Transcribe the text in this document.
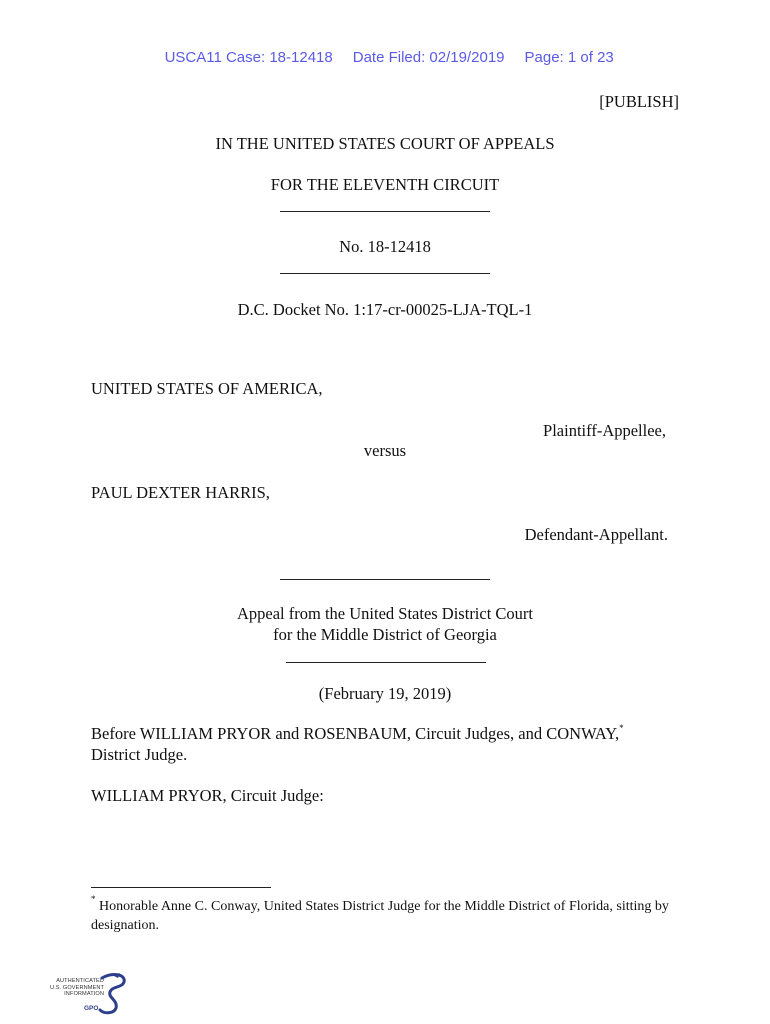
USCA11 Case: 18-12418 Date Filed: 02/19/2019 Page: 1 of 23

[PUBLISH]
IN THE UNITED STATES COURT OF APPEALS
FOR THE ELEVENTH CIRCUIT
No. 18-12418
D.C. Docket No. 1:17-cr-00025-LJA-TQL-1
UNITED STATES OF AMERICA,
Plaintiff-Appellee,
versus
PAUL DEXTER HARRIS,
Defendant-Appellant.
Appeal from the United States District Court
for the Middle District of Georgia
(February 19, 2019)
Before WILLIAM PRYOR and ROSENBAUM, Circuit Judges, and CONWAY,*
District Judge.
WILLIAM PRYOR, Circuit Judge:
* Honorable Anne C. Conway, United States District Judge for the Middle District of Florida, sitting by designation.
AUTHENTICATED
U.S. GOVERNMENT
INFORMATION
GPO
